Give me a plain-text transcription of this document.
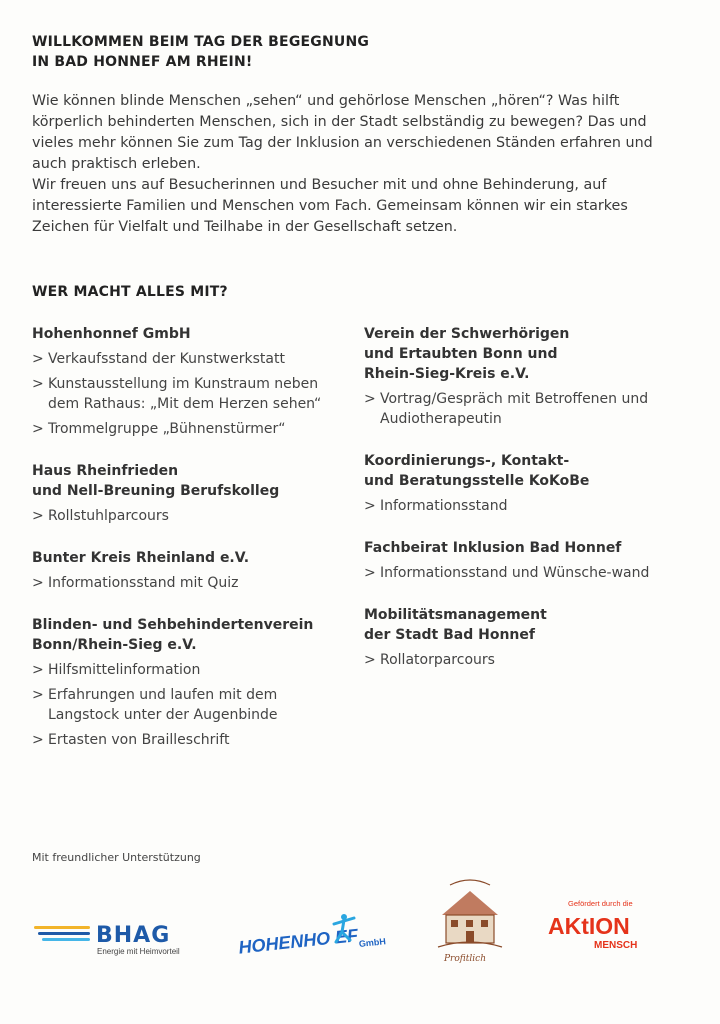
WILLKOMMEN BEIM TAG DER BEGEGNUNG
IN BAD HONNEF AM RHEIN!

Wie können blinde Menschen „sehen“ und gehörlose Menschen „hören“? Was hilft körperlich behinderten Menschen, sich in der Stadt selbständig zu bewegen? Das und vieles mehr können Sie zum Tag der Inklusion an verschiedenen Ständen erfahren und auch praktisch erleben.

Wir freuen uns auf Besucherinnen und Besucher mit und ohne Behinderung, auf interessierte Familien und Menschen vom Fach. Gemeinsam können wir ein starkes Zeichen für Vielfalt und Teilhabe in der Gesellschaft setzen.

WER MACHT ALLES MIT?
Hohenhonnef GmbH
> Verkaufsstand der Kunstwerkstatt
> Kunstausstellung im Kunstraum neben dem Rathaus: „Mit dem Herzen sehen“
> Trommelgruppe „Bühnenstürmer“
Haus Rheinfrieden
und Nell-Breuning Berufskolleg
> Rollstuhlparcours
Bunter Kreis Rheinland e.V.
> Informationsstand mit Quiz
Blinden- und Sehbehindertenverein
Bonn/Rhein-Sieg e.V.
> Hilfsmittelinformation
> Erfahrungen und laufen mit dem Langstock unter der Augenbinde
> Ertasten von Brailleschrift
Verein der Schwerhörigen
und Ertaubten Bonn und
Rhein-Sieg-Kreis e.V.
> Vortrag/Gespräch mit Betroffenen und Audiotherapeutin
Koordinierungs-, Kontakt-
und Beratungsstelle KoKoBe
> Informationsstand
Fachbeirat Inklusion Bad Honnef
> Informationsstand und Wünsche-wand
Mobilitätsmanagement
der Stadt Bad Honnef
> Rollatorparcours
Mit freundlicher Unterstützung
BHAG
Energie mit Heimvorteil	HOHENHO EF GmbH
Profitlich
Gefördert durch die
AKtION
MENSCH
